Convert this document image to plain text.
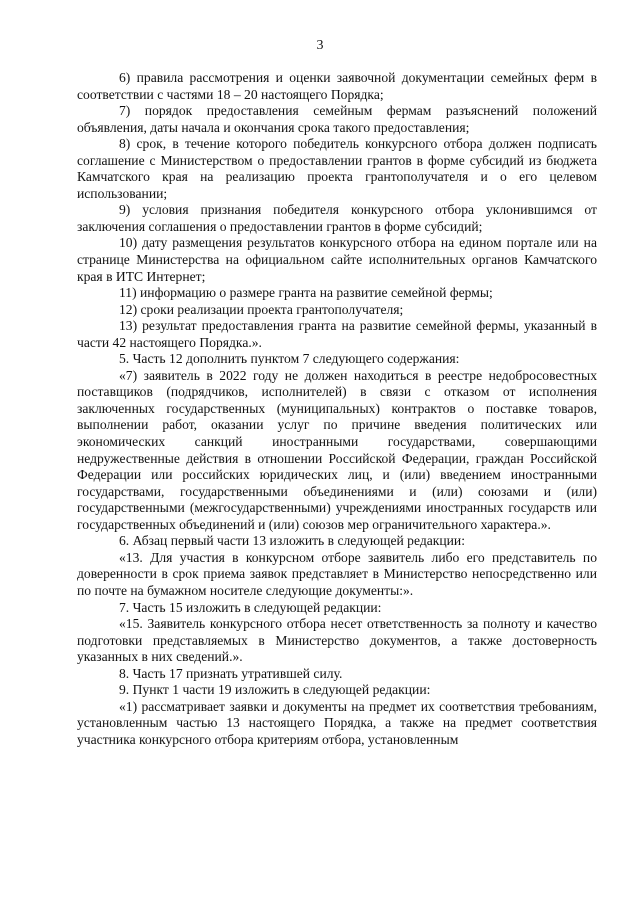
3

6) правила рассмотрения и оценки заявочной документации семейных ферм в соответствии с частями 18 – 20 настоящего Порядка;

7) порядок предоставления семейным фермам разъяснений положений объявления, даты начала и окончания срока такого предоставления;

8) срок, в течение которого победитель конкурсного отбора должен подписать соглашение с Министерством о предоставлении грантов в форме субсидий из бюджета Камчатского края на реализацию проекта грантополучателя и о его целевом использовании;

9) условия признания победителя конкурсного отбора уклонившимся от заключения соглашения о предоставлении грантов в форме субсидий;

10) дату размещения результатов конкурсного отбора на едином портале или на странице Министерства на официальном сайте исполнительных органов Камчатского края в ИТС Интернет;

11) информацию о размере гранта на развитие семейной фермы;

12) сроки реализации проекта грантополучателя;

13) результат предоставления гранта на развитие семейной фермы, указанный в части 42 настоящего Порядка.».

5. Часть 12 дополнить пунктом 7 следующего содержания:

«7) заявитель в 2022 году не должен находиться в реестре недобросовестных поставщиков (подрядчиков, исполнителей) в связи с отказом от исполнения заключенных государственных (муниципальных) контрактов о поставке товаров, выполнении работ, оказании услуг по причине введения политических или экономических санкций иностранными государствами, совершающими недружественные действия в отношении Российской Федерации, граждан Российской Федерации или российских юридических лиц, и (или) введением иностранными государствами, государственными объединениями и (или) союзами и (или) государственными (межгосударственными) учреждениями иностранных государств или государственных объединений и (или) союзов мер ограничительного характера.».

6. Абзац первый части 13 изложить в следующей редакции:

«13. Для участия в конкурсном отборе заявитель либо его представитель по доверенности в срок приема заявок представляет в Министерство непосредственно или по почте на бумажном носителе следующие документы:».

7. Часть 15 изложить в следующей редакции:

«15. Заявитель конкурсного отбора несет ответственность за полноту и качество подготовки представляемых в Министерство документов, а также достоверность указанных в них сведений.».

8. Часть 17 признать утратившей силу.

9. Пункт 1 части 19 изложить в следующей редакции:

«1) рассматривает заявки и документы на предмет их соответствия требованиям, установленным частью 13 настоящего Порядка, а также на предмет соответствия участника конкурсного отбора критериям отбора, установленным
